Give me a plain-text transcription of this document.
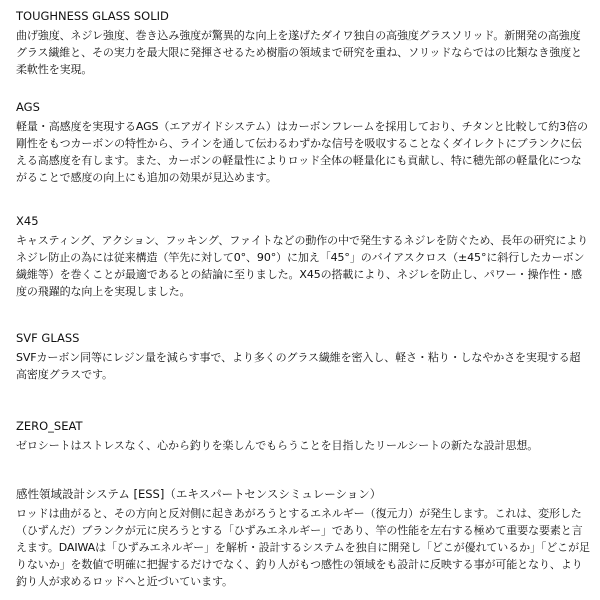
TOUGHNESS GLASS SOLID

曲げ強度、ネジレ強度、巻き込み強度が驚異的な向上を遂げたダイワ独自の高強度グラスソリッド。新開発の高強度グラス繊維と、その実力を最大限に発揮させるため樹脂の領域まで研究を重ね、ソリッドならではの比類なき強度と柔軟性を実現。

AGS

軽量・高感度を実現するAGS（エアガイドシステム）はカーボンフレームを採用しており、チタンと比較して約3倍の剛性をもつカーボンの特性から、ラインを通して伝わるわずかな信号を吸収することなくダイレクトにブランクに伝える高感度を有します。また、カーボンの軽量性によりロッド全体の軽量化にも貢献し、特に穂先部の軽量化につながることで感度の向上にも追加の効果が見込めます。

X45

キャスティング、アクション、フッキング、ファイトなどの動作の中で発生するネジレを防ぐため、長年の研究によりネジレ防止の為には従来構造（竿先に対して0°、90°）に加え「45°」のバイアスクロス（±45°に斜行したカーボン繊維等）を巻くことが最適であるとの結論に至りました。X45の搭載により、ネジレを防止し、パワー・操作性・感度の飛躍的な向上を実現しました。

SVF GLASS

SVFカーボン同等にレジン量を減らす事で、より多くのグラス繊維を密入し、軽さ・粘り・しなやかさを実現する超高密度グラスです。

ZERO_SEAT

ゼロシートはストレスなく、心から釣りを楽しんでもらうことを目指したリールシートの新たな設計思想。

感性領域設計システム [ESS]（エキスパートセンスシミュレーション）

ロッドは曲がると、その方向と反対側に起きあがろうとするエネルギー（復元力）が発生します。これは、変形した（ひずんだ）ブランクが元に戻ろうとする「ひずみエネルギー」であり、竿の性能を左右する極めて重要な要素と言えます。DAIWAは「ひずみエネルギー」を解析・設計するシステムを独自に開発し「どこが優れているか」「どこが足りないか」を数値で明確に把握するだけでなく、釣り人がもつ感性の領域をも設計に反映する事が可能となり、より釣り人が求めるロッドへと近づいています。
